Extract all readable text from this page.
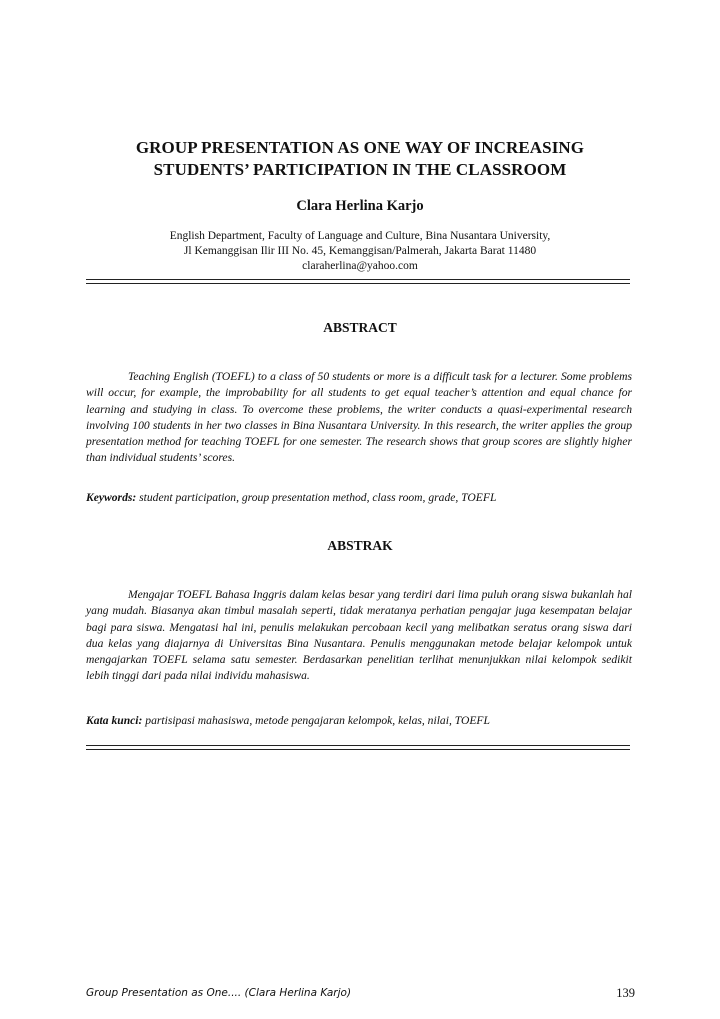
GROUP PRESENTATION AS ONE WAY OF INCREASING
STUDENTS’ PARTICIPATION IN THE CLASSROOM
Clara Herlina Karjo
English Department, Faculty of Language and Culture, Bina Nusantara University,
Jl Kemanggisan Ilir III No. 45, Kemanggisan/Palmerah, Jakarta Barat 11480
claraherlina@yahoo.com
ABSTRACT

Teaching English (TOEFL) to a class of 50 students or more is a difficult task for a lecturer. Some problems will occur, for example, the improbability for all students to get equal teacher’s attention and equal chance for learning and studying in class. To overcome these problems, the writer conducts a quasi-experimental research involving 100 students in her two classes in Bina Nusantara University. In this research, the writer applies the group presentation method for teaching TOEFL for one semester. The research shows that group scores are slightly higher than individual students’ scores.

Keywords: student participation, group presentation method, class room, grade, TOEFL

ABSTRAK

Mengajar TOEFL Bahasa Inggris dalam kelas besar yang terdiri dari lima puluh orang siswa bukanlah hal yang mudah. Biasanya akan timbul masalah seperti, tidak meratanya perhatian pengajar juga kesempatan belajar bagi para siswa. Mengatasi hal ini, penulis melakukan percobaan kecil yang melibatkan seratus orang siswa dari dua kelas yang diajarnya di Universitas Bina Nusantara. Penulis menggunakan metode belajar kelompok untuk mengajarkan TOEFL selama satu semester. Berdasarkan penelitian terlihat menunjukkan nilai kelompok sedikit lebih tinggi dari pada nilai individu mahasiswa.

Kata kunci: partisipasi mahasiswa, metode pengajaran kelompok, kelas, nilai, TOEFL

Group Presentation as One.... (Clara Herlina Karjo)	139
